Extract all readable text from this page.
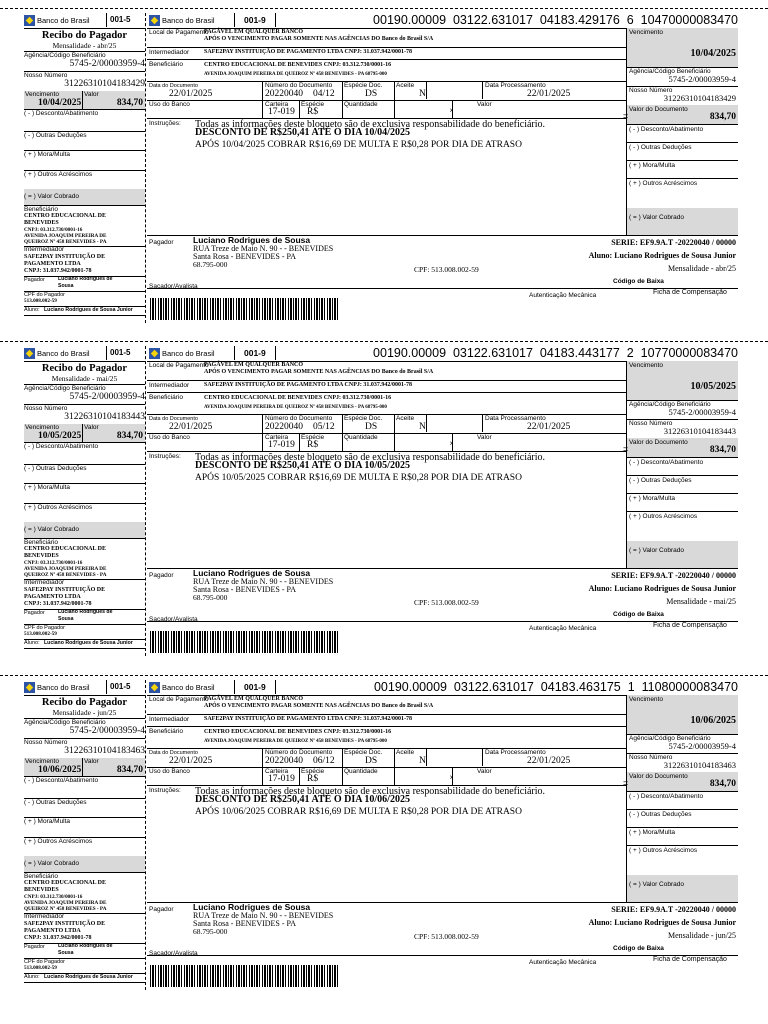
Banco do Brasil	001-5
Recibo do Pagador
Mensalidade - abr/25
Agência/Código Beneficiário
5745-2/00003959-4
Nosso Número
31226310104183429
Vencimento
10/04/2025
Valor
834,70
( - ) Desconto/Abatimento
( - ) Outras Deduções
( + ) Mora/Multa
( + ) Outros Acréscimos
( = ) Valor Cobrado
Beneficiário
CENTRO EDUCACIONAL DE
BENEVIDES
CNPJ: 03.312.730/0001-16
AVENIDA JOAQUIM PEREIRA DE
QUEIROZ Nº 458 BENEVIDES - PA
Intermediador
SAFE2PAY INSTITUIÇÃO DE
PAGAMENTO LTDA
CNPJ: 31.037.942/0001-78
Pagador	Luciano Rodrigues de
Sousa
CPF do Pagador
513.008.002-59
Aluno: Luciano Rodrigues de Sousa Junior
Banco do Brasil	001-9	00190.00009  03122.631017  04183.429176  6  10470000083470
Vencimento
10/04/2025
Agência/Código Beneficiário
5745-2/00003959-4
Nosso Número
31226310104183429
Valor do Documento
834,70
=
( - ) Desconto/Abatimento
( - ) Outras Deduções
( + ) Mora/Multa
( + ) Outros Acréscimos
( = ) Valor Cobrado
Local de Pagamento
PAGÁVEL EM QUALQUER BANCO
APÓS O VENCIMENTO PAGAR SOMENTE NAS AGÊNCIAS DO Banco do Brasil S/A
Intermediador SAFE2PAY INSTITUIÇÃO DE PAGAMENTO LTDA CNPJ: 31.037.942/0001-78
Beneficiário	CENTRO EDUCACIONAL DE BENEVIDES CNPJ: 03.312.730/0001-16
AVENIDA JOAQUIM PEREIRA DE QUEIROZ Nº 458 BENEVIDES - PA 68795-000
Data do Documento
22/01/2025
Número do Documento
20220040 04/12
Espécie Doc.
DS
Aceite
N
Data Processamento
22/01/2025
Uso do Banco	Carteira
17-019
Espécie
R$
Quantidade
x
Valor
Instruções: Todas as informações deste bloqueto são de exclusiva responsabilidade do beneficiário.
DESCONTO DE R$250,41 ATÉ O DIA 10/04/2025
APÓS 10/04/2025 COBRAR R$16,69 DE MULTA E R$0,28 POR DIA DE ATRASO
Pagador Luciano Rodrigues de Sousa
RUA Treze de Maio N. 90 - - BENEVIDES
Santa Rosa - BENEVIDES - PA
68.795-000
CPF: 513.008.002-59
SERIE: EF9.9A.T -20220040 / 00000
Aluno: Luciano Rodrigues de Sousa Junior
Mensalidade - abr/25
Sacador/Avalista
Código de Baixa
Autenticação Mecânica	Ficha de Compensação
Banco do Brasil	001-5
Recibo do Pagador
Mensalidade - mai/25
Agência/Código Beneficiário
5745-2/00003959-4
Nosso Número
31226310104183443
Vencimento
10/05/2025
Valor
834,70
( - ) Desconto/Abatimento
( - ) Outras Deduções
( + ) Mora/Multa
( + ) Outros Acréscimos
( = ) Valor Cobrado
Beneficiário
CENTRO EDUCACIONAL DE
BENEVIDES
CNPJ: 03.312.730/0001-16
AVENIDA JOAQUIM PEREIRA DE
QUEIROZ Nº 458 BENEVIDES - PA
Intermediador
SAFE2PAY INSTITUIÇÃO DE
PAGAMENTO LTDA
CNPJ: 31.037.942/0001-78
Pagador	Luciano Rodrigues de
Sousa
CPF do Pagador
513.008.002-59
Aluno: Luciano Rodrigues de Sousa Junior
Banco do Brasil	001-9	00190.00009  03122.631017  04183.443177  2  10770000083470
Vencimento
10/05/2025
Agência/Código Beneficiário
5745-2/00003959-4
Nosso Número
31226310104183443
Valor do Documento
834,70
=
( - ) Desconto/Abatimento
( - ) Outras Deduções
( + ) Mora/Multa
( + ) Outros Acréscimos
( = ) Valor Cobrado
Local de Pagamento
PAGÁVEL EM QUALQUER BANCO
APÓS O VENCIMENTO PAGAR SOMENTE NAS AGÊNCIAS DO Banco do Brasil S/A
Intermediador SAFE2PAY INSTITUIÇÃO DE PAGAMENTO LTDA CNPJ: 31.037.942/0001-78
Beneficiário	CENTRO EDUCACIONAL DE BENEVIDES CNPJ: 03.312.730/0001-16
AVENIDA JOAQUIM PEREIRA DE QUEIROZ Nº 458 BENEVIDES - PA 68795-000
Data do Documento
22/01/2025
Número do Documento
20220040 05/12
Espécie Doc.
DS
Aceite
N
Data Processamento
22/01/2025
Uso do Banco	Carteira
17-019
Espécie
R$
Quantidade
x
Valor
Instruções: Todas as informações deste bloqueto são de exclusiva responsabilidade do beneficiário.
DESCONTO DE R$250,41 ATÉ O DIA 10/05/2025
APÓS 10/05/2025 COBRAR R$16,69 DE MULTA E R$0,28 POR DIA DE ATRASO
Pagador Luciano Rodrigues de Sousa
RUA Treze de Maio N. 90 - - BENEVIDES
Santa Rosa - BENEVIDES - PA
68.795-000
CPF: 513.008.002-59
SERIE: EF9.9A.T -20220040 / 00000
Aluno: Luciano Rodrigues de Sousa Junior
Mensalidade - mai/25
Sacador/Avalista
Código de Baixa
Autenticação Mecânica	Ficha de Compensação
Banco do Brasil	001-5
Recibo do Pagador
Mensalidade - jun/25
Agência/Código Beneficiário
5745-2/00003959-4
Nosso Número
31226310104183463
Vencimento
10/06/2025
Valor
834,70
( - ) Desconto/Abatimento
( - ) Outras Deduções
( + ) Mora/Multa
( + ) Outros Acréscimos
( = ) Valor Cobrado
Beneficiário
CENTRO EDUCACIONAL DE
BENEVIDES
CNPJ: 03.312.730/0001-16
AVENIDA JOAQUIM PEREIRA DE
QUEIROZ Nº 458 BENEVIDES - PA
Intermediador
SAFE2PAY INSTITUIÇÃO DE
PAGAMENTO LTDA
CNPJ: 31.037.942/0001-78
Pagador	Luciano Rodrigues de
Sousa
CPF do Pagador
513.008.002-59
Aluno: Luciano Rodrigues de Sousa Junior
Banco do Brasil	001-9	00190.00009  03122.631017  04183.463175  1  11080000083470
Vencimento
10/06/2025
Agência/Código Beneficiário
5745-2/00003959-4
Nosso Número
31226310104183463
Valor do Documento
834,70
=
( - ) Desconto/Abatimento
( - ) Outras Deduções
( + ) Mora/Multa
( + ) Outros Acréscimos
( = ) Valor Cobrado
Local de Pagamento
PAGÁVEL EM QUALQUER BANCO
APÓS O VENCIMENTO PAGAR SOMENTE NAS AGÊNCIAS DO Banco do Brasil S/A
Intermediador SAFE2PAY INSTITUIÇÃO DE PAGAMENTO LTDA CNPJ: 31.037.942/0001-78
Beneficiário	CENTRO EDUCACIONAL DE BENEVIDES CNPJ: 03.312.730/0001-16
AVENIDA JOAQUIM PEREIRA DE QUEIROZ Nº 458 BENEVIDES - PA 68795-000
Data do Documento
22/01/2025
Número do Documento
20220040 06/12
Espécie Doc.
DS
Aceite
N
Data Processamento
22/01/2025
Uso do Banco	Carteira
17-019
Espécie
R$
Quantidade
x
Valor
Instruções: Todas as informações deste bloqueto são de exclusiva responsabilidade do beneficiário.
DESCONTO DE R$250,41 ATÉ O DIA 10/06/2025
APÓS 10/06/2025 COBRAR R$16,69 DE MULTA E R$0,28 POR DIA DE ATRASO
Pagador Luciano Rodrigues de Sousa
RUA Treze de Maio N. 90 - - BENEVIDES
Santa Rosa - BENEVIDES - PA
68.795-000
CPF: 513.008.002-59
SERIE: EF9.9A.T -20220040 / 00000
Aluno: Luciano Rodrigues de Sousa Junior
Mensalidade - jun/25
Sacador/Avalista
Código de Baixa
Autenticação Mecânica	Ficha de Compensação
